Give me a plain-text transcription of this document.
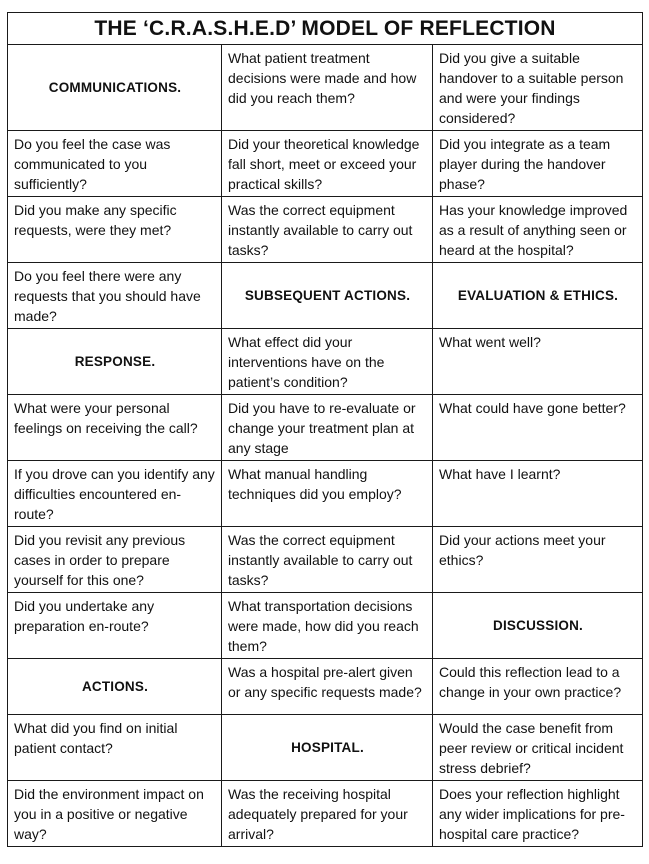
THE ‘C.R.A.S.H.E.D’ MODEL OF REFLECTION		
COMMUNICATIONS.	What patient treatment decisions were made and how did you reach them?	Did you give a suitable handover to a suitable person and were your findings considered?
Do you feel the case was communicated to you sufficiently?	Did your theoretical knowledge fall short, meet or exceed your practical skills?	Did you integrate as a team player during the handover phase?
Did you make any specific requests, were they met?	Was the correct equipment instantly available to carry out tasks?	Has your knowledge improved as a result of anything seen or heard at the hospital?
Do you feel there were any requests that you should have made?	SUBSEQUENT ACTIONS.	EVALUATION & ETHICS.
RESPONSE.	What effect did your interventions have on the patient’s condition?	What went well?
What were your personal feelings on receiving the call?	Did you have to re-evaluate or change your treatment plan at any stage	What could have gone better?
If you drove can you identify any difficulties encountered en-route?	What manual handling techniques did you employ?	What have I learnt?
Did you revisit any previous cases in order to prepare yourself for this one?	Was the correct equipment instantly available to carry out tasks?	Did your actions meet your ethics?
Did you undertake any preparation en-route?	What transportation decisions were made, how did you reach them?	DISCUSSION.
ACTIONS.	Was a hospital pre-alert given or any specific requests made?	Could this reflection lead to a change in your own practice?
What did you find on initial patient contact?	HOSPITAL.	Would the case benefit from peer review or critical incident stress debrief?
Did the environment impact on you in a positive or negative way?	Was the receiving hospital adequately prepared for your arrival?	Does your reflection highlight any wider implications for pre-hospital care practice?
